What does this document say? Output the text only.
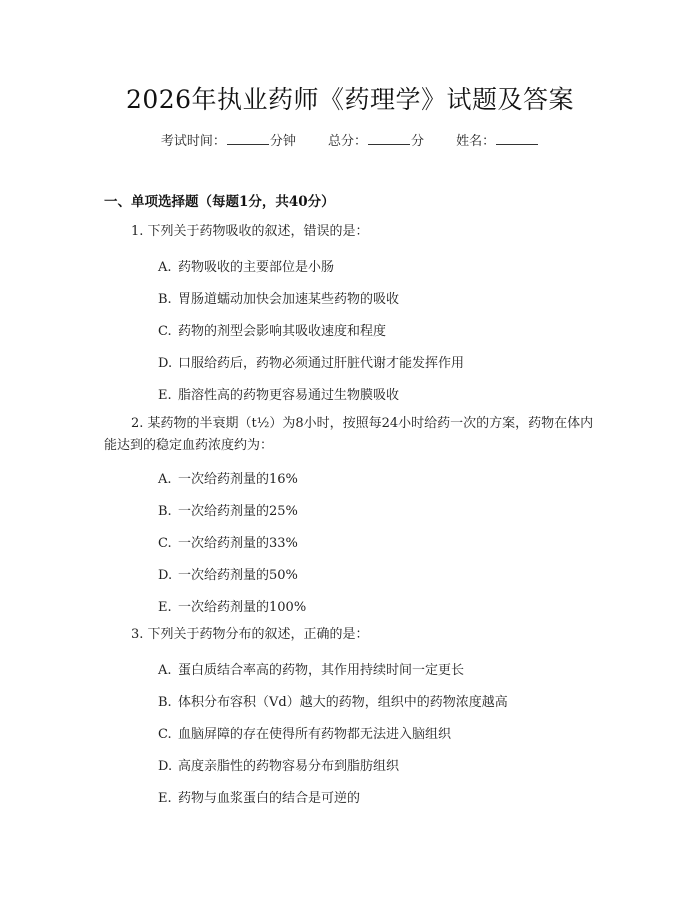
2026年执业药师《药理学》试题及答案
考试时间：	分钟 总分：	分 姓名：
一、单项选择题（每题1分，共40分）
1. 下列关于药物吸收的叙述，错误的是：
A. 药物吸收的主要部位是小肠
B. 胃肠道蠕动加快会加速某些药物的吸收
C. 药物的剂型会影响其吸收速度和程度
D. 口服给药后，药物必须通过肝脏代谢才能发挥作用
E. 脂溶性高的药物更容易通过生物膜吸收
2. 某药物的半衰期（t½）为8小时，按照每24小时给药一次的方案，药物在体内能达到的稳定血药浓度约为：
A. 一次给药剂量的16%
B. 一次给药剂量的25%
C. 一次给药剂量的33%
D. 一次给药剂量的50%
E. 一次给药剂量的100%
3. 下列关于药物分布的叙述，正确的是：
A. 蛋白质结合率高的药物，其作用持续时间一定更长
B. 体积分布容积（Vd）越大的药物，组织中的药物浓度越高
C. 血脑屏障的存在使得所有药物都无法进入脑组织
D. 高度亲脂性的药物容易分布到脂肪组织
E. 药物与血浆蛋白的结合是可逆的
